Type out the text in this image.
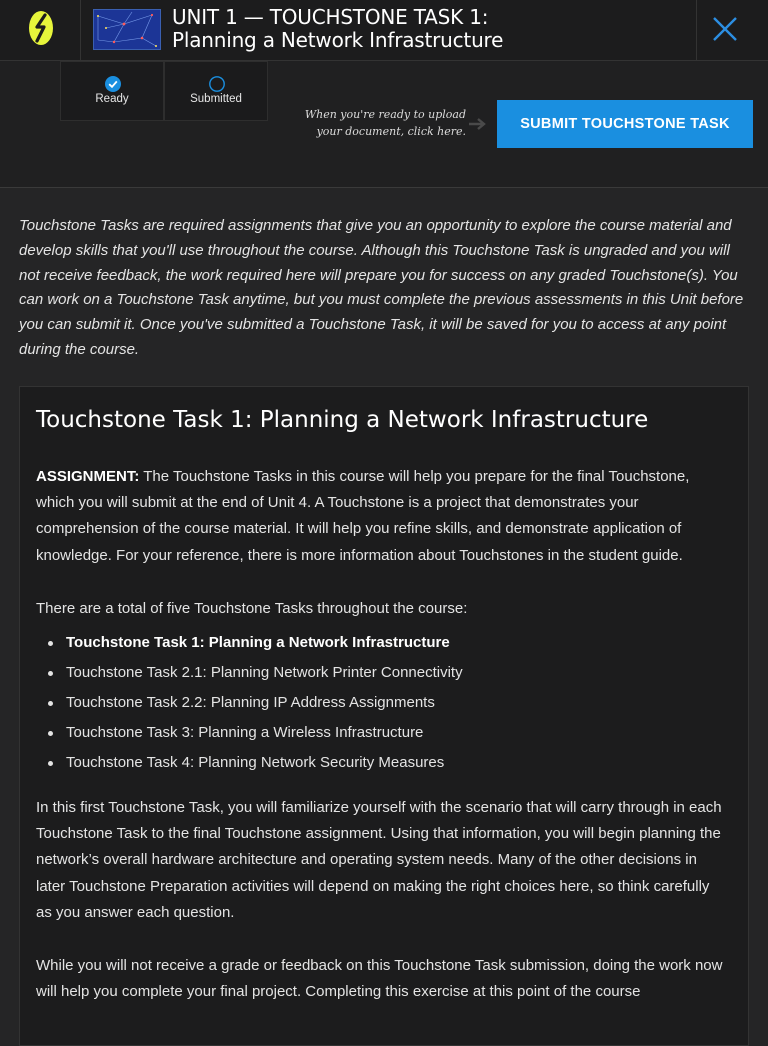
UNIT 1 — TOUCHSTONE TASK 1:
Planning a Network Infrastructure
Ready	Submitted
When you're ready to upload
your document, click here.	SUBMIT TOUCHSTONE TASK
Touchstone Tasks are required assignments that give you an opportunity to explore the course material and develop skills that you'll use throughout the course. Although this Touchstone Task is ungraded and you will not receive feedback, the work required here will prepare you for success on any graded Touchstone(s). You can work on a Touchstone Task anytime, but you must complete the previous assessments in this Unit before you can submit it. Once you've submitted a Touchstone Task, it will be saved for you to access at any point during the course.
Touchstone Task 1: Planning a Network Infrastructure
ASSIGNMENT: The Touchstone Tasks in this course will help you prepare for the final Touchstone, which you will submit at the end of Unit 4. A Touchstone is a project that demonstrates your comprehension of the course material. It will help you refine skills, and demonstrate application of knowledge. For your reference, there is more information about Touchstones in the student guide.
There are a total of five Touchstone Tasks throughout the course:
Touchstone Task 1: Planning a Network Infrastructure
Touchstone Task 2.1: Planning Network Printer Connectivity
Touchstone Task 2.2: Planning IP Address Assignments
Touchstone Task 3: Planning a Wireless Infrastructure
Touchstone Task 4: Planning Network Security Measures
In this first Touchstone Task, you will familiarize yourself with the scenario that will carry through in each Touchstone Task to the final Touchstone assignment. Using that information, you will begin planning the network’s overall hardware architecture and operating system needs. Many of the other decisions in later Touchstone Preparation activities will depend on making the right choices here, so think carefully as you answer each question.
While you will not receive a grade or feedback on this Touchstone Task submission, doing the work now will help you complete your final project. Completing this exercise at this point of the course
